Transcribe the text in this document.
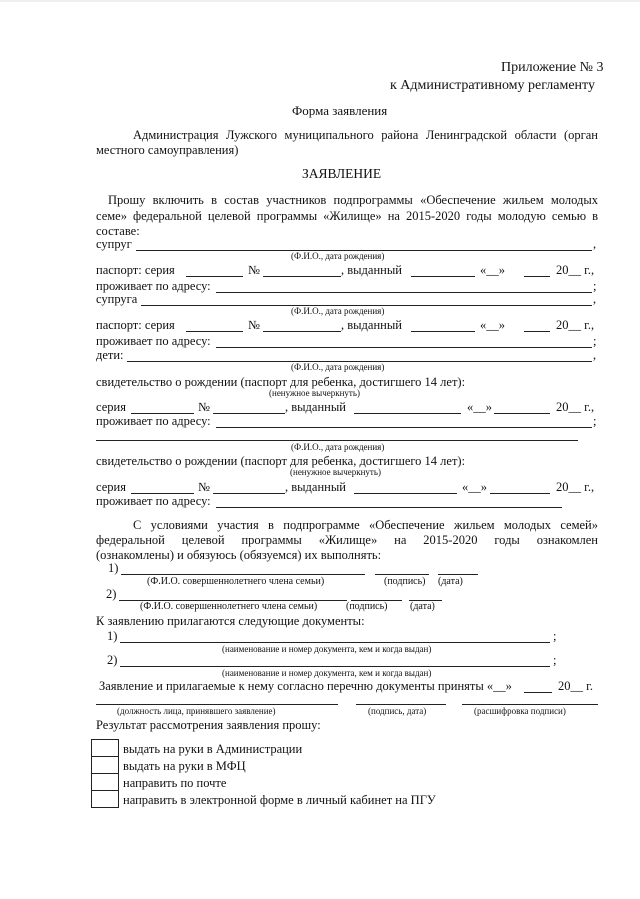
Приложение № 3
к Административному регламенту
Форма заявления
Администрация Лужского муниципального района Ленинградской области (орган
местного самоуправления)
ЗАЯВЛЕНИЕ
Прошу включить в состав участников подпрограммы «Обеспечение жильем молодых
семе» федеральной целевой программы «Жилище» на 2015-2020 годы молодую семью в
составе:
супруг	,
(Ф.И.О., дата рождения)
паспорт: серия	№	, выданный	«__»	20__ г.,
проживает по адресу:	;
супруга	,
(Ф.И.О., дата рождения)
паспорт: серия	№	, выданный	«__»	20__ г.,
проживает по адресу:	;
дети:	,
(Ф.И.О., дата рождения)
свидетельство о рождении (паспорт для ребенка, достигшего 14 лет):
(ненужное вычеркнуть)
серия	№	, выданный	«__»	20__ г.,
проживает по адресу:	;
(Ф.И.О., дата рождения)
свидетельство о рождении (паспорт для ребенка, достигшего 14 лет):
(ненужное вычеркнуть)
серия	№	, выданный	«__»	20__ г.,
проживает по адресу:
С условиями участия в подпрограмме «Обеспечение жильем молодых семей»
федеральной целевой программы «Жилище» на 2015-2020 годы ознакомлен
(ознакомлены) и обязуюсь (обязуемся) их выполнять:
1)
(Ф.И.О. совершеннолетнего члена семьи)	(подпись) (дата)
2)
(Ф.И.О. совершеннолетнего члена семьи)	(подпись) (дата)
К заявлению прилагаются следующие документы:
1)	;
(наименование и номер документа, кем и когда выдан)
2)	;
(наименование и номер документа, кем и когда выдан)
Заявление и прилагаемые к нему согласно перечню документы приняты «__»	20__ г.
(должность лица, принявшего заявление)	(подпись, дата)	(расшифровка подписи)
Результат рассмотрения заявления прошу:
выдать на руки в Администрации
выдать на руки в МФЦ
направить по почте
направить в электронной форме в личный кабинет на ПГУ
